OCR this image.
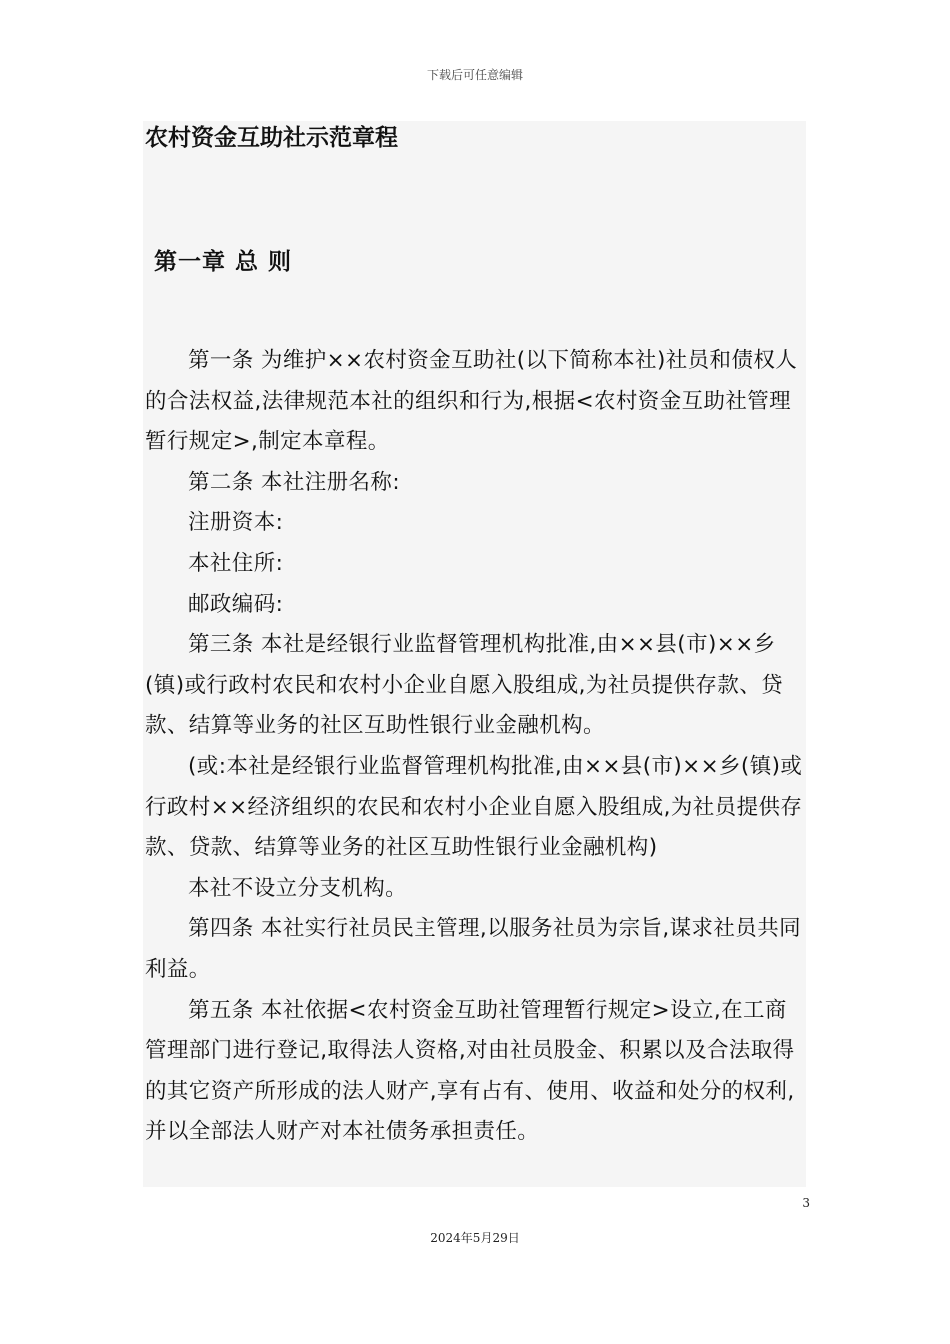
下载后可任意编辑
农村资金互助社示范章程
第一章 总 则

第一条 为维护××农村资金互助社(以下简称本社)社员和债权人的合法权益,法律规范本社的组织和行为,根据<农村资金互助社管理暂行规定>,制定本章程。

第二条 本社注册名称:

注册资本:

本社住所:

邮政编码:

第三条 本社是经银行业监督管理机构批准,由××县(市)××乡(镇)或行政村农民和农村小企业自愿入股组成,为社员提供存款、贷款、结算等业务的社区互助性银行业金融机构。

(或:本社是经银行业监督管理机构批准,由××县(市)××乡(镇)或行政村××经济组织的农民和农村小企业自愿入股组成,为社员提供存款、贷款、结算等业务的社区互助性银行业金融机构)

本社不设立分支机构。

第四条 本社实行社员民主管理,以服务社员为宗旨,谋求社员共同利益。

第五条 本社依据<农村资金互助社管理暂行规定>设立,在工商管理部门进行登记,取得法人资格,对由社员股金、积累以及合法取得的其它资产所形成的法人财产,享有占有、使用、收益和处分的权利,并以全部法人财产对本社债务承担责任。

3
2024年5月29日
